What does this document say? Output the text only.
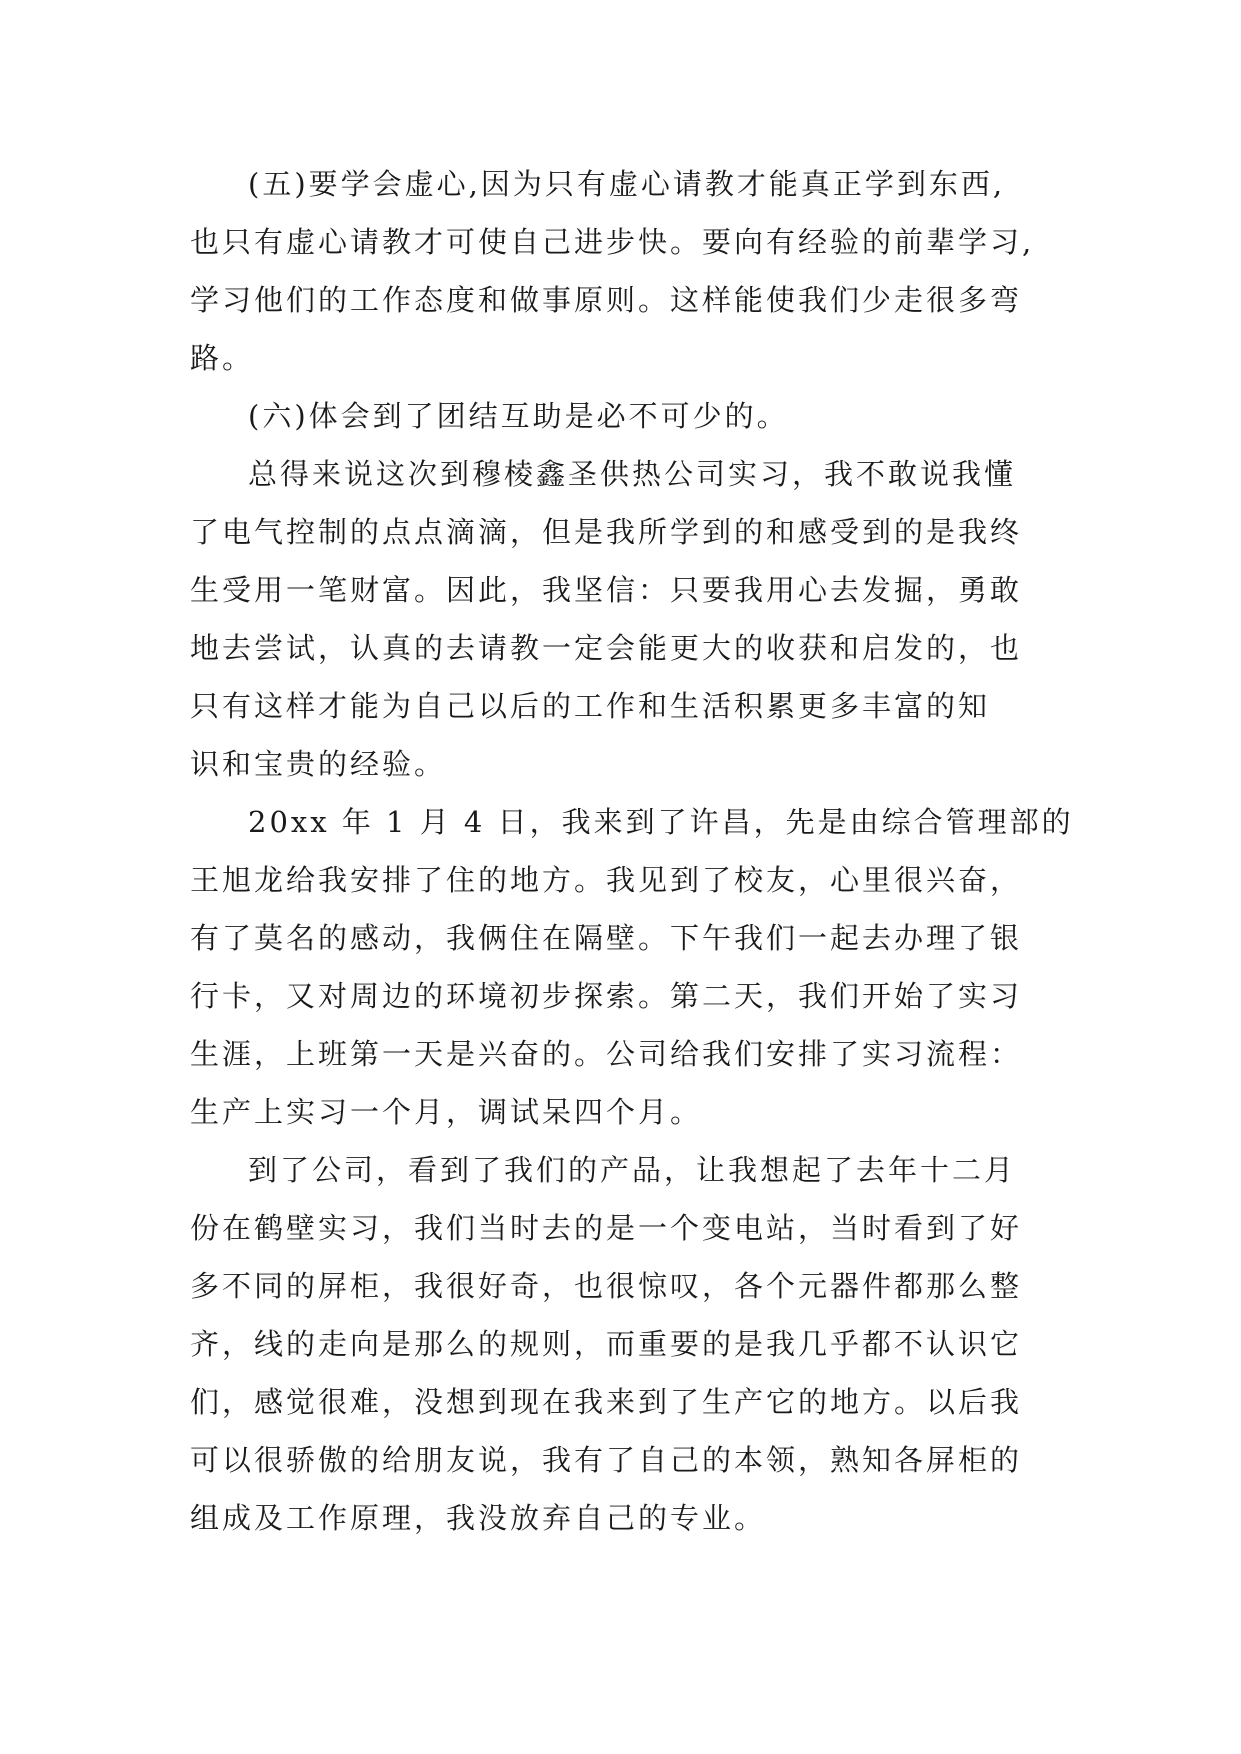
(五)要学会虚心,因为只有虚心请教才能真正学到东西,
也只有虚心请教才可使自己进步快。要向有经验的前辈学习,
学习他们的工作态度和做事原则。这样能使我们少走很多弯
路。
(六)体会到了团结互助是必不可少的。
总得来说这次到穆棱鑫圣供热公司实习，我不敢说我懂
了电气控制的点点滴滴，但是我所学到的和感受到的是我终
生受用一笔财富。因此，我坚信：只要我用心去发掘，勇敢
地去尝试，认真的去请教一定会能更大的收获和启发的，也
只有这样才能为自己以后的工作和生活积累更多丰富的知
识和宝贵的经验。
20xx 年 1 月 4 日，我来到了许昌，先是由综合管理部的
王旭龙给我安排了住的地方。我见到了校友，心里很兴奋，
有了莫名的感动，我俩住在隔壁。下午我们一起去办理了银
行卡，又对周边的环境初步探索。第二天，我们开始了实习
生涯，上班第一天是兴奋的。公司给我们安排了实习流程：
生产上实习一个月，调试呆四个月。
到了公司，看到了我们的产品，让我想起了去年十二月
份在鹤壁实习，我们当时去的是一个变电站，当时看到了好
多不同的屏柜，我很好奇，也很惊叹，各个元器件都那么整
齐，线的走向是那么的规则，而重要的是我几乎都不认识它
们，感觉很难，没想到现在我来到了生产它的地方。以后我
可以很骄傲的给朋友说，我有了自己的本领，熟知各屏柜的
组成及工作原理，我没放弃自己的专业。
